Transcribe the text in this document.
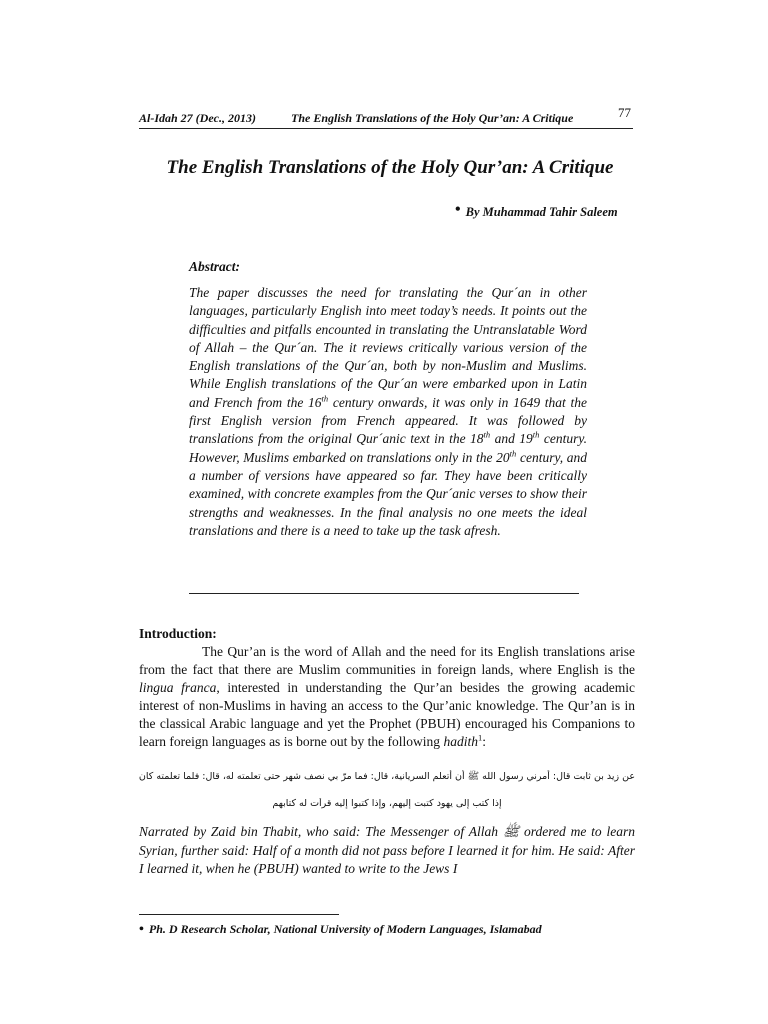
Al-Idah 27 (Dec., 2013)	The English Translations of the Holy Qur’an: A Critique	77
The English Translations of the Holy Qur’an: A Critique
• By Muhammad Tahir Saleem
Abstract:
The paper discusses the need for translating the Qur´an in other languages, particularly English into meet today’s needs. It points out the difficulties and pitfalls encounted in translating the Untranslatable Word of Allah – the Qur´an. The it reviews critically various version of the English translations of the Qur´an, both by non-Muslim and Muslims. While English translations of the Qur´an were embarked upon in Latin and French from the 16th century onwards, it was only in 1649 that the first English version from French appeared. It was followed by translations from the original Qur´anic text in the 18th and 19th century. However, Muslims embarked on translations only in the 20th century, and a number of versions have appeared so far. They have been critically examined, with concrete examples from the Qur´anic verses to show their strengths and weaknesses. In the final analysis no one meets the ideal translations and there is a need to take up the task afresh.
Introduction:
The Qur’an is the word of Allah and the need for its English translations arise from the fact that there are Muslim communities in foreign lands, where English is the lingua franca, interested in understanding the Qur’an besides the growing academic interest of non-Muslims in having an access to the Qur’anic knowledge. The Qur’an is in the classical Arabic language and yet the Prophet (PBUH) encouraged his Companions to learn foreign languages as is borne out by the following hadith$^1$:
عن زيد بن ثابت قال: أمرني رسول الله ﷺ أن أتعلم السريانية، قال: فما مرّ بي نصف شهر حتى تعلمته له، قال: فلما تعلمته كان
إذا كتب إلى يهود كتبت إليهم، وإذا كتبوا إليه قرأت له كتابهم
Narrated by Zaid bin Thabit, who said: The Messenger of Allah ﷺ ordered me to learn Syrian, further said: Half of a month did not pass before I learned it for him. He said: After I learned it, when he (PBUH) wanted to write to the Jews I
• Ph. D Research Scholar, National University of Modern Languages, Islamabad
